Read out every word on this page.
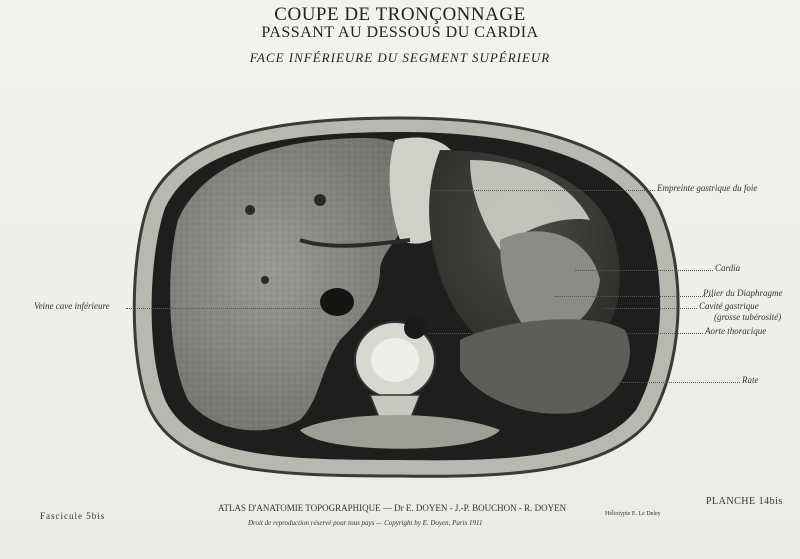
COUPE DE TRONÇONNAGE
PASSANT AU DESSOUS DU CARDIA
FACE INFÉRIEURE DU SEGMENT SUPÉRIEUR
Empreinte gastrique du foie
Cardia
Pilier du Diaphragme
Cavité gastrique
(grosse tubérosité)
Aorte thoracique
Rate
Veine cave inférieure
Fascicule 5bis
ATLAS D'ANATOMIE TOPOGRAPHIQUE — Dr E. DOYEN - J.-P. BOUCHON - R. DOYEN
Droit de reproduction réservé pour tous pays — Copyright by E. Doyen, Paris 1911
Héliotypie E. Le Deley
PLANCHE 14bis
